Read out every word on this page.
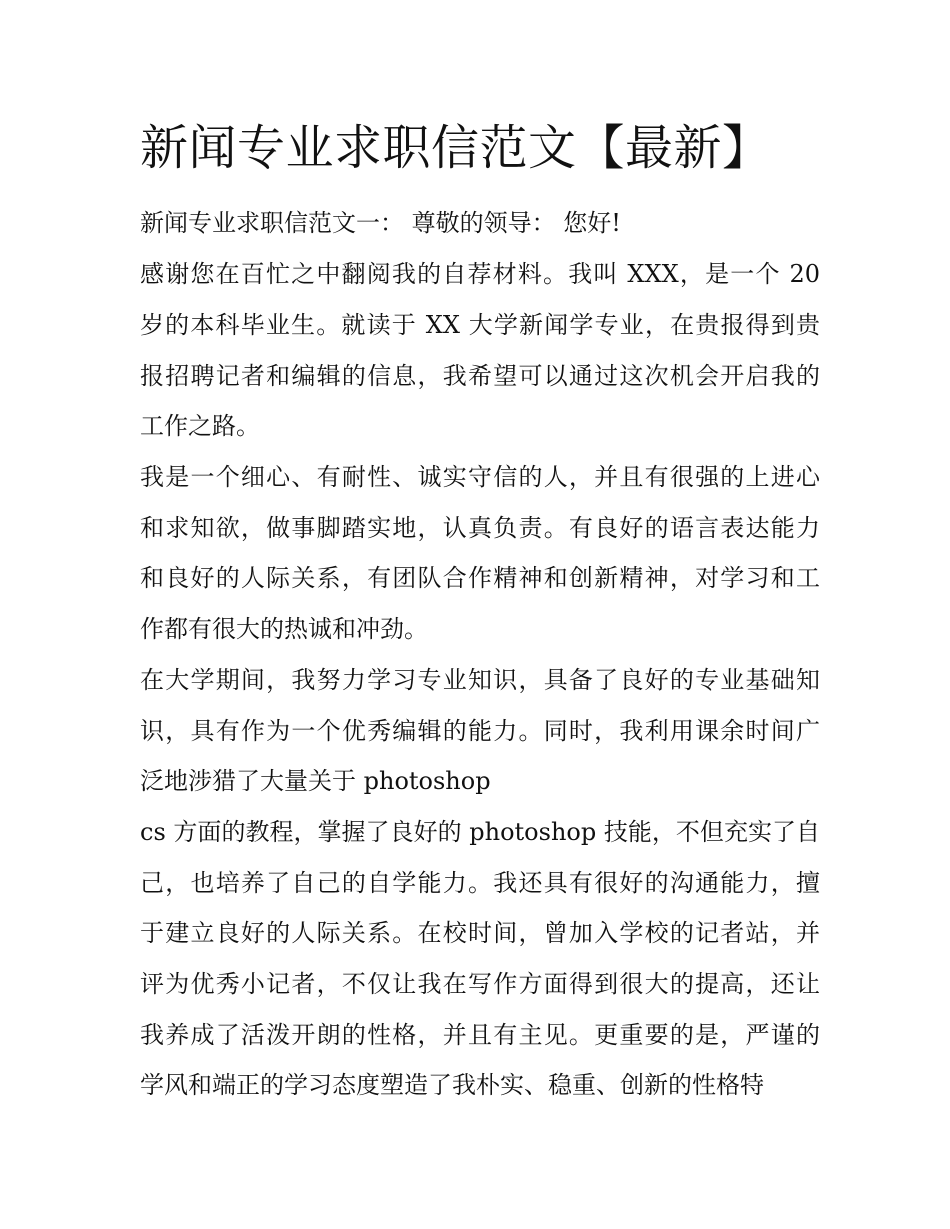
新闻专业求职信范文【最新】
新闻专业求职信范文一： 尊敬的领导： 您好!
感谢您在百忙之中翻阅我的自荐材料。我叫 XXX，是一个 20
岁的本科毕业生。就读于 XX 大学新闻学专业，在贵报得到贵
报招聘记者和编辑的信息，我希望可以通过这次机会开启我的
工作之路。
我是一个细心、有耐性、诚实守信的人，并且有很强的上进心
和求知欲，做事脚踏实地，认真负责。有良好的语言表达能力
和良好的人际关系，有团队合作精神和创新精神，对学习和工
作都有很大的热诚和冲劲。
在大学期间，我努力学习专业知识，具备了良好的专业基础知
识，具有作为一个优秀编辑的能力。同时，我利用课余时间广
泛地涉猎了大量关于 photoshop
cs 方面的教程，掌握了良好的 photoshop 技能，不但充实了自
己，也培养了自己的自学能力。我还具有很好的沟通能力，擅
于建立良好的人际关系。在校时间，曾加入学校的记者站，并
评为优秀小记者，不仅让我在写作方面得到很大的提高，还让
我养成了活泼开朗的性格，并且有主见。更重要的是，严谨的
学风和端正的学习态度塑造了我朴实、稳重、创新的性格特
